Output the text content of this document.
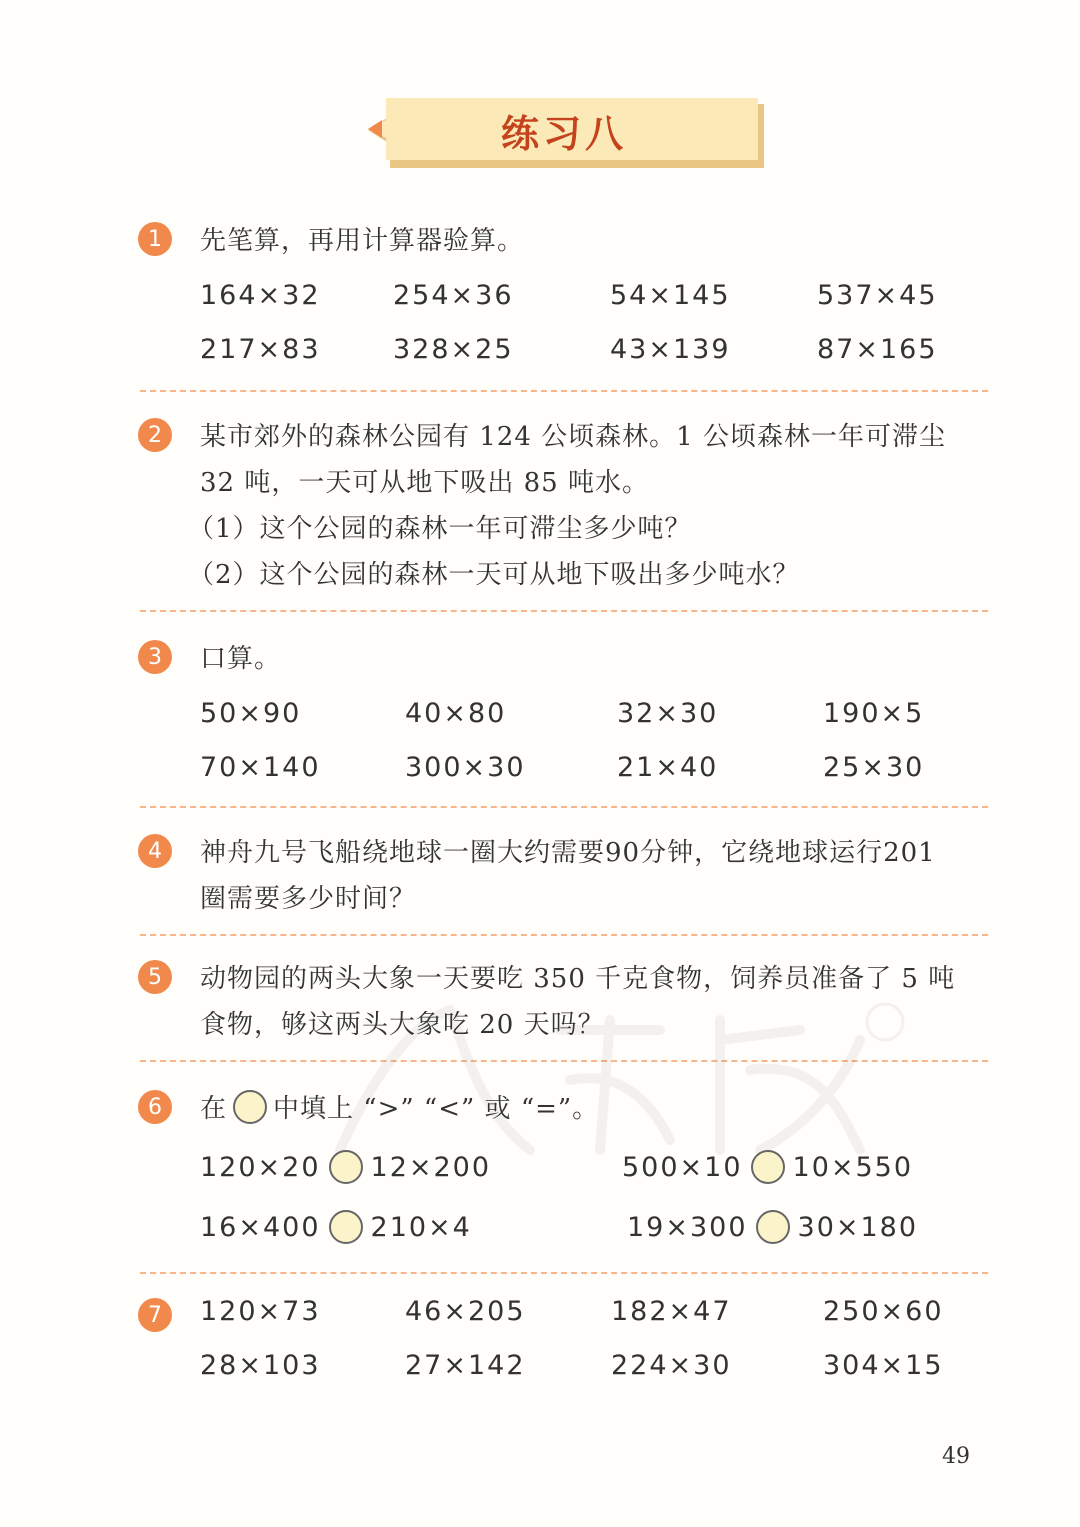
练习八
1	先笔算，再用计算器验算。
164×32	254×36	54×145	537×45
217×83	328×25	43×139	87×165
2	某市郊外的森林公园有 124 公顷森林。1 公顷森林一年可滞尘
32 吨，一天可从地下吸出 85 吨水。
（1）这个公园的森林一年可滞尘多少吨？
（2）这个公园的森林一天可从地下吸出多少吨水？
3	口算。
50×90	40×80	32×30	190×5
70×140	300×30	21×40	25×30
4	神舟九号飞船绕地球一圈大约需要90分钟，它绕地球运行201
圈需要多少时间？
5	动物园的两头大象一天要吃 350 千克食物，饲养员准备了 5 吨
食物，够这两头大象吃 20 天吗？
6	在 中填上 “>” “<” 或 “=”。
120×20 12×200	500×10 10×550
16×400 210×4	19×300 30×180
7	120×73	46×205	182×47	250×60
28×103	27×142	224×30	304×15
49
